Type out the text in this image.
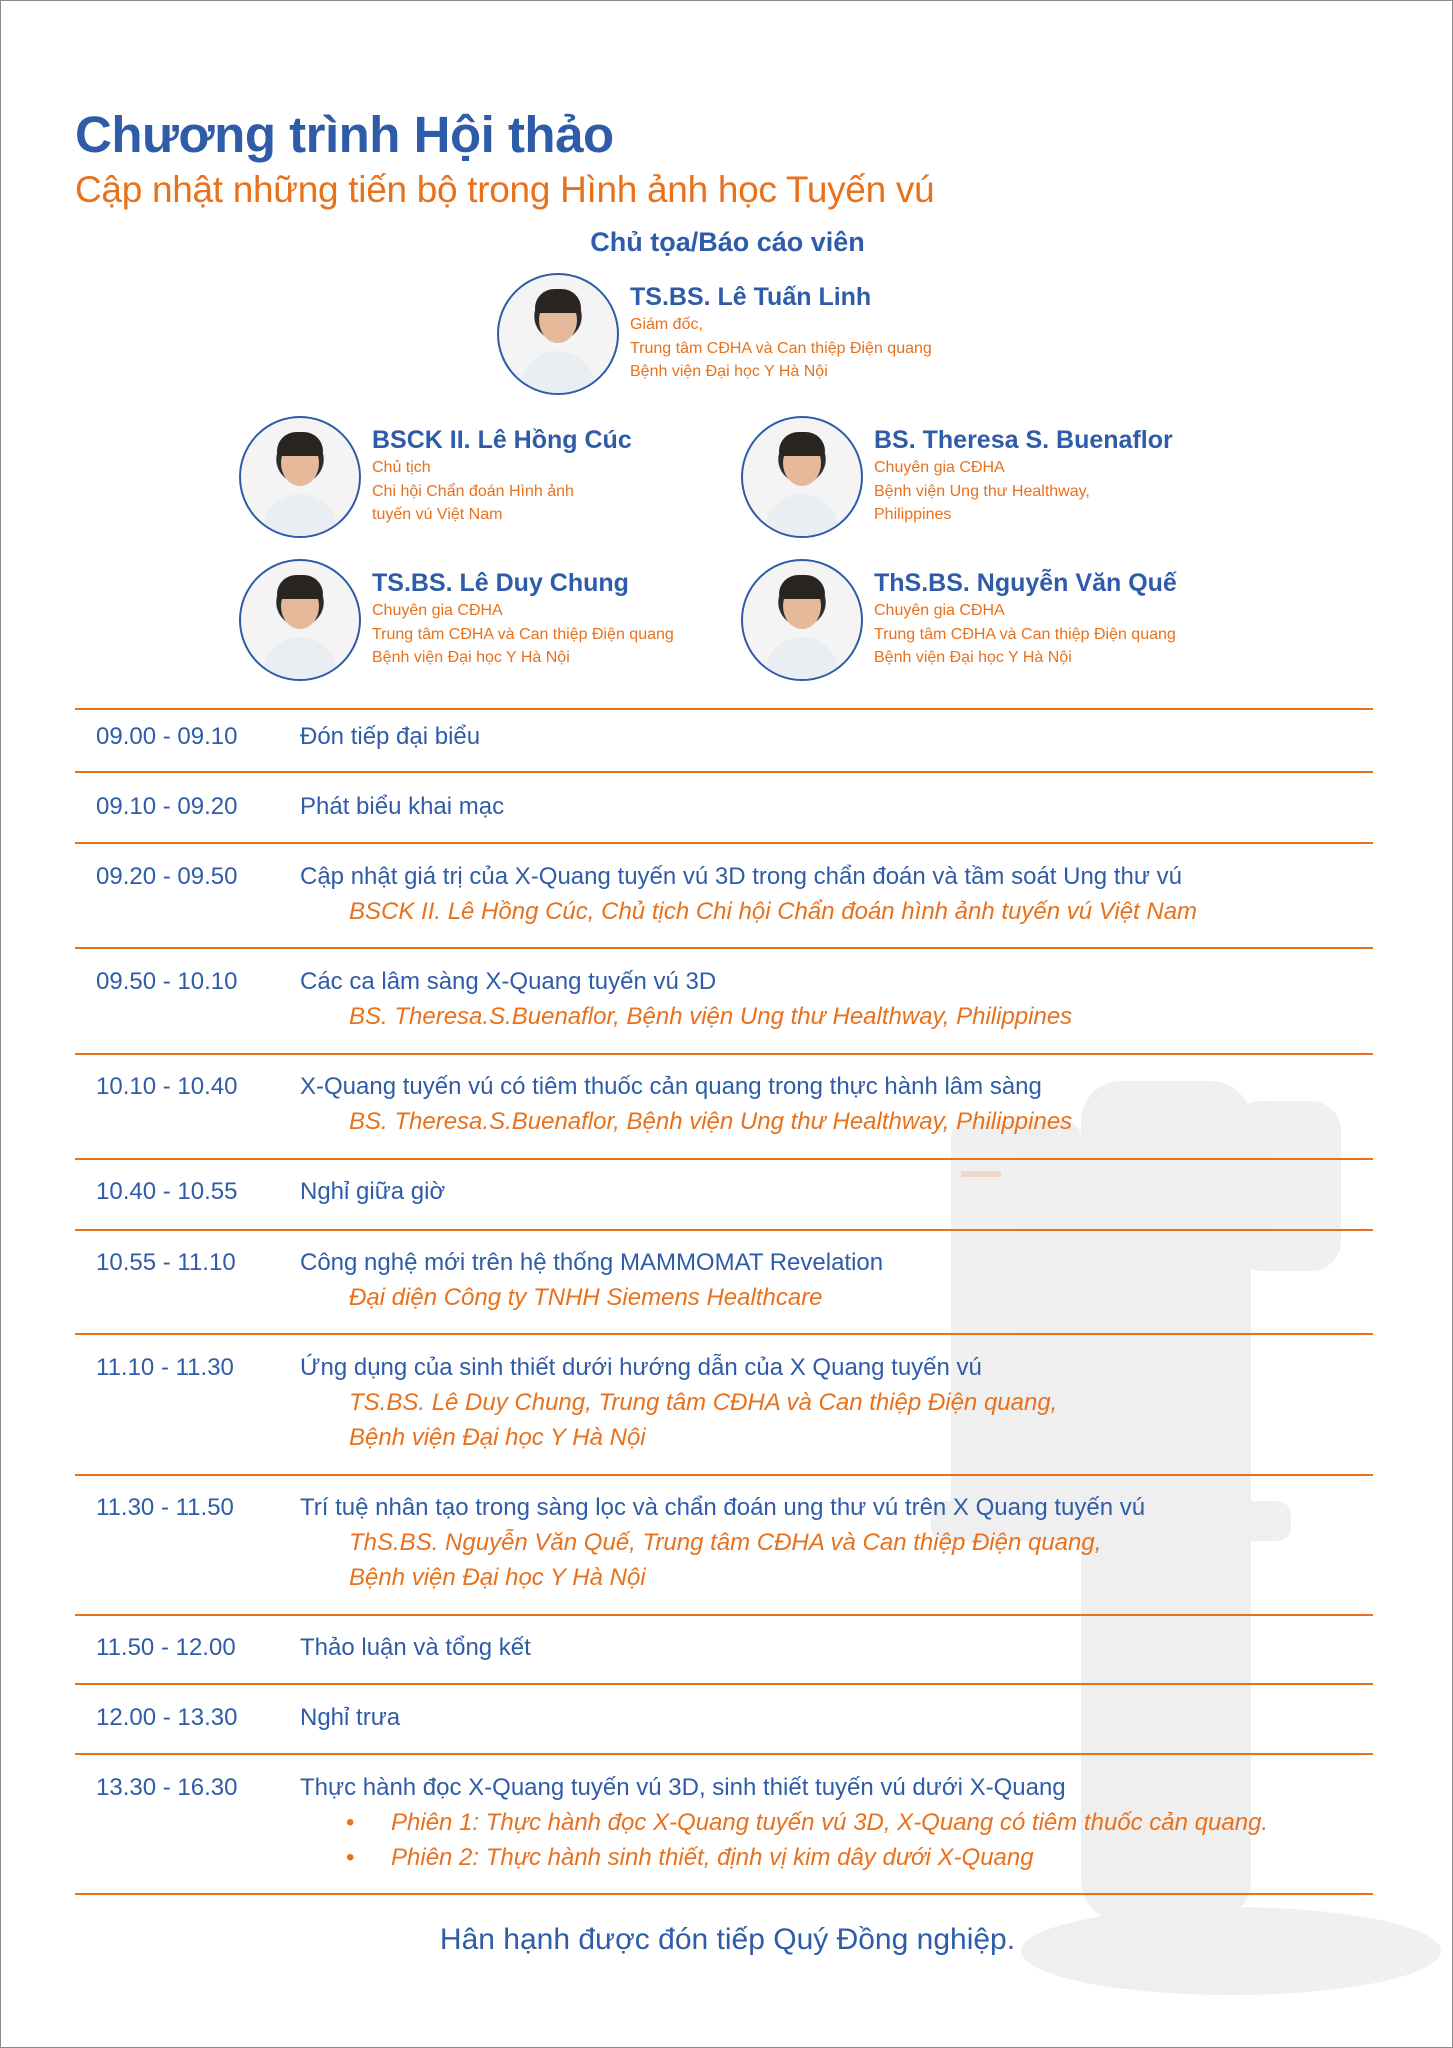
Chương trình Hội thảo
Cập nhật những tiến bộ trong Hình ảnh học Tuyến vú
Chủ tọa/Báo cáo viên
TS.BS. Lê Tuấn Linh
Giám đốc,
Trung tâm CĐHA và Can thiệp Điện quang
Bệnh viện Đại học Y Hà Nội
BSCK II. Lê Hồng Cúc
Chủ tịch
Chi hội Chẩn đoán Hình ảnh
tuyến vú Việt Nam
BS. Theresa S. Buenaflor
Chuyên gia CĐHA
Bệnh viện Ung thư Healthway,
Philippines
TS.BS. Lê Duy Chung
Chuyên gia CĐHA
Trung tâm CĐHA và Can thiệp Điện quang
Bệnh viện Đại học Y Hà Nội
ThS.BS. Nguyễn Văn Quế
Chuyên gia CĐHA
Trung tâm CĐHA và Can thiệp Điện quang
Bệnh viện Đại học Y Hà Nội
09.00 - 09.10	Đón tiếp đại biểu
09.10 - 09.20	Phát biểu khai mạc
09.20 - 09.50	Cập nhật giá trị của X-Quang tuyến vú 3D trong chẩn đoán và tầm soát Ung thư vú
BSCK II. Lê Hồng Cúc, Chủ tịch Chi hội Chẩn đoán hình ảnh tuyến vú Việt Nam
09.50 - 10.10	Các ca lâm sàng X-Quang tuyến vú 3D
BS. Theresa.S.Buenaflor, Bệnh viện Ung thư Healthway, Philippines
10.10 - 10.40	X-Quang tuyến vú có tiêm thuốc cản quang trong thực hành lâm sàng
BS. Theresa.S.Buenaflor, Bệnh viện Ung thư Healthway, Philippines
10.40 - 10.55	Nghỉ giữa giờ
10.55 - 11.10	Công nghệ mới trên hệ thống MAMMOMAT Revelation
Đại diện Công ty TNHH Siemens Healthcare
11.10 - 11.30	Ứng dụng của sinh thiết dưới hướng dẫn của X Quang tuyến vú
TS.BS. Lê Duy Chung, Trung tâm CĐHA và Can thiệp Điện quang,
Bệnh viện Đại học Y Hà Nội
11.30 - 11.50	Trí tuệ nhân tạo trong sàng lọc và chẩn đoán ung thư vú trên X Quang tuyến vú
ThS.BS. Nguyễn Văn Quế, Trung tâm CĐHA và Can thiệp Điện quang,
Bệnh viện Đại học Y Hà Nội
11.50 - 12.00	Thảo luận và tổng kết
12.00 - 13.30	Nghỉ trưa
13.30 - 16.30	Thực hành đọc X-Quang tuyến vú 3D, sinh thiết tuyến vú dưới X-Quang
Phiên 1: Thực hành đọc X-Quang tuyến vú 3D, X-Quang có tiêm thuốc cản quang.
Phiên 2: Thực hành sinh thiết, định vị kim dây dưới X-Quang
Hân hạnh được đón tiếp Quý Đồng nghiệp.
